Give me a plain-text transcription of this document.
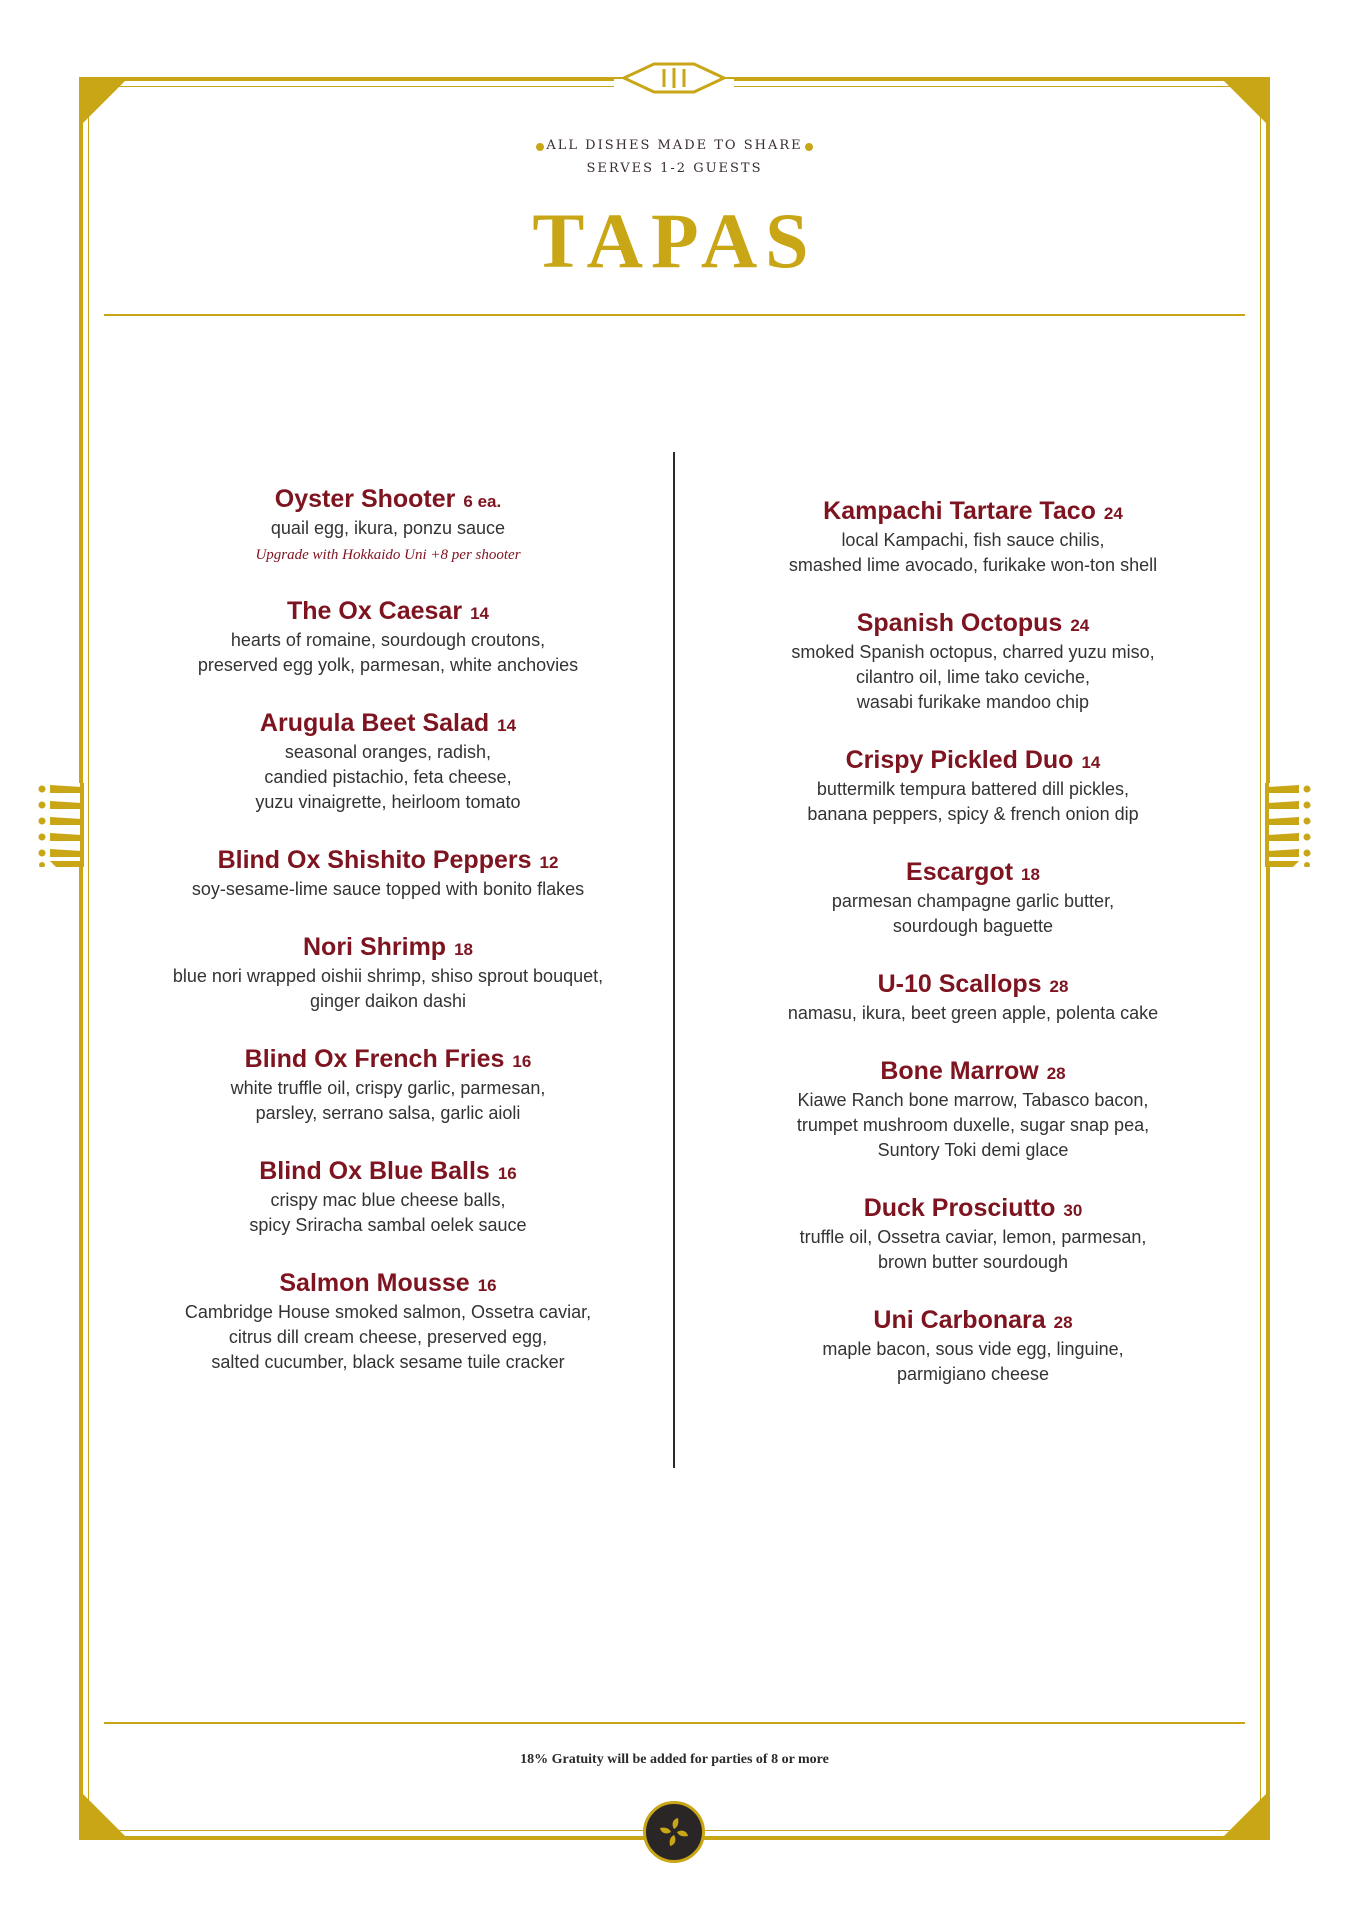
ALL DISHES MADE TO SHARE
SERVES 1-2 GUESTS
TAPAS
Oyster Shooter 6 ea.
quail egg, ikura, ponzu sauce
Upgrade with Hokkaido Uni +8 per shooter
The Ox Caesar 14
hearts of romaine, sourdough croutons,
preserved egg yolk, parmesan, white anchovies
Arugula Beet Salad 14
seasonal oranges, radish,
candied pistachio, feta cheese,
yuzu vinaigrette, heirloom tomato
Blind Ox Shishito Peppers 12
soy-sesame-lime sauce topped with bonito flakes
Nori Shrimp 18
blue nori wrapped oishii shrimp, shiso sprout bouquet,
ginger daikon dashi
Blind Ox French Fries 16
white truffle oil, crispy garlic, parmesan,
parsley, serrano salsa, garlic aioli
Blind Ox Blue Balls 16
crispy mac blue cheese balls,
spicy Sriracha sambal oelek sauce
Salmon Mousse 16
Cambridge House smoked salmon, Ossetra caviar,
citrus dill cream cheese, preserved egg,
salted cucumber, black sesame tuile cracker
Kampachi Tartare Taco 24
local Kampachi, fish sauce chilis,
smashed lime avocado, furikake won-ton shell
Spanish Octopus 24
smoked Spanish octopus, charred yuzu miso,
cilantro oil, lime tako ceviche,
wasabi furikake mandoo chip
Crispy Pickled Duo 14
buttermilk tempura battered dill pickles,
banana peppers, spicy & french onion dip
Escargot 18
parmesan champagne garlic butter,
sourdough baguette
U-10 Scallops 28
namasu, ikura, beet green apple, polenta cake
Bone Marrow 28
Kiawe Ranch bone marrow, Tabasco bacon,
trumpet mushroom duxelle, sugar snap pea,
Suntory Toki demi glace
Duck Prosciutto 30
truffle oil, Ossetra caviar, lemon, parmesan,
brown butter sourdough
Uni Carbonara 28
maple bacon, sous vide egg, linguine,
parmigiano cheese
18% Gratuity will be added for parties of 8 or more
